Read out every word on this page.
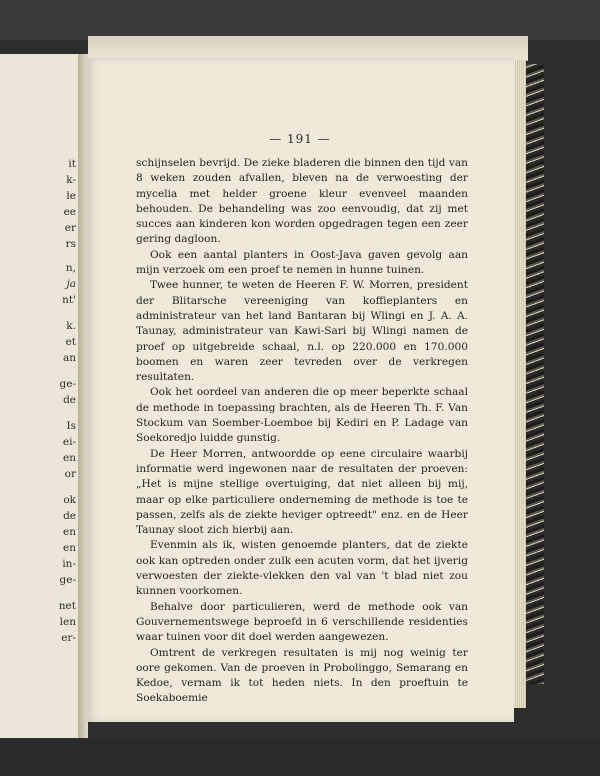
it
k-
le
ee
er
rs
n,
ja
nt'
k.
et
an
ge-
de
Is
ei-
en
or
ok
de
en
en
in-
ge-
net
len
er-
— 191 —

schijnselen bevrijd. De zieke bladeren die binnen den tijd van 8 weken zouden afvallen, bleven na de verwoesting der mycelia met helder groene kleur evenveel maanden behouden. De behandeling was zoo eenvoudig, dat zij met succes aan kinderen kon worden opgedragen tegen een zeer gering dagloon.

Ook een aantal planters in Oost-Java gaven gevolg aan mijn verzoek om een proef te nemen in hunne tuinen.

Twee hunner, te weten de Heeren F. W. Morren, president der Blitarsche vereeniging van koffieplanters en administrateur van het land Bantaran bij Wlingi en J. A. A. Taunay, administrateur van Kawi-Sari bij Wlingi namen de proef op uitgebreide schaal, n.l. op 220.000 en 170.000 boomen en waren zeer tevreden over de verkregen resultaten.

Ook het oordeel van anderen die op meer beperkte schaal de methode in toepassing brachten, als de Heeren Th. F. Van Stockum van Soember-Loemboe bij Kediri en P. Ladage van Soekoredjo luidde gunstig.

De Heer Morren, antwoordde op eene circulaire waarbij informatie werd ingewonen naar de resultaten der proeven: „Het is mijne stellige overtuiging, dat niet alleen bij mij, maar op elke particuliere onderneming de methode is toe te passen, zelfs als de ziekte heviger optreedt" enz. en de Heer Taunay sloot zich hierbij aan.

Evenmin als ik, wisten genoemde planters, dat de ziekte ook kan optreden onder zulk een acuten vorm, dat het ijverig verwoesten der ziekte-vlekken den val van 't blad niet zou kunnen voorkomen.

Behalve door particulieren, werd de methode ook van Gouvernementswege beproefd in 6 verschillende residenties waar tuinen voor dit doel werden aangewezen.

Omtrent de verkregen resultaten is mij nog weinig ter oore gekomen. Van de proeven in Probolinggo, Semarang en Kedoe, vernam ik tot heden niets. In den proeftuin te Soekaboemie
